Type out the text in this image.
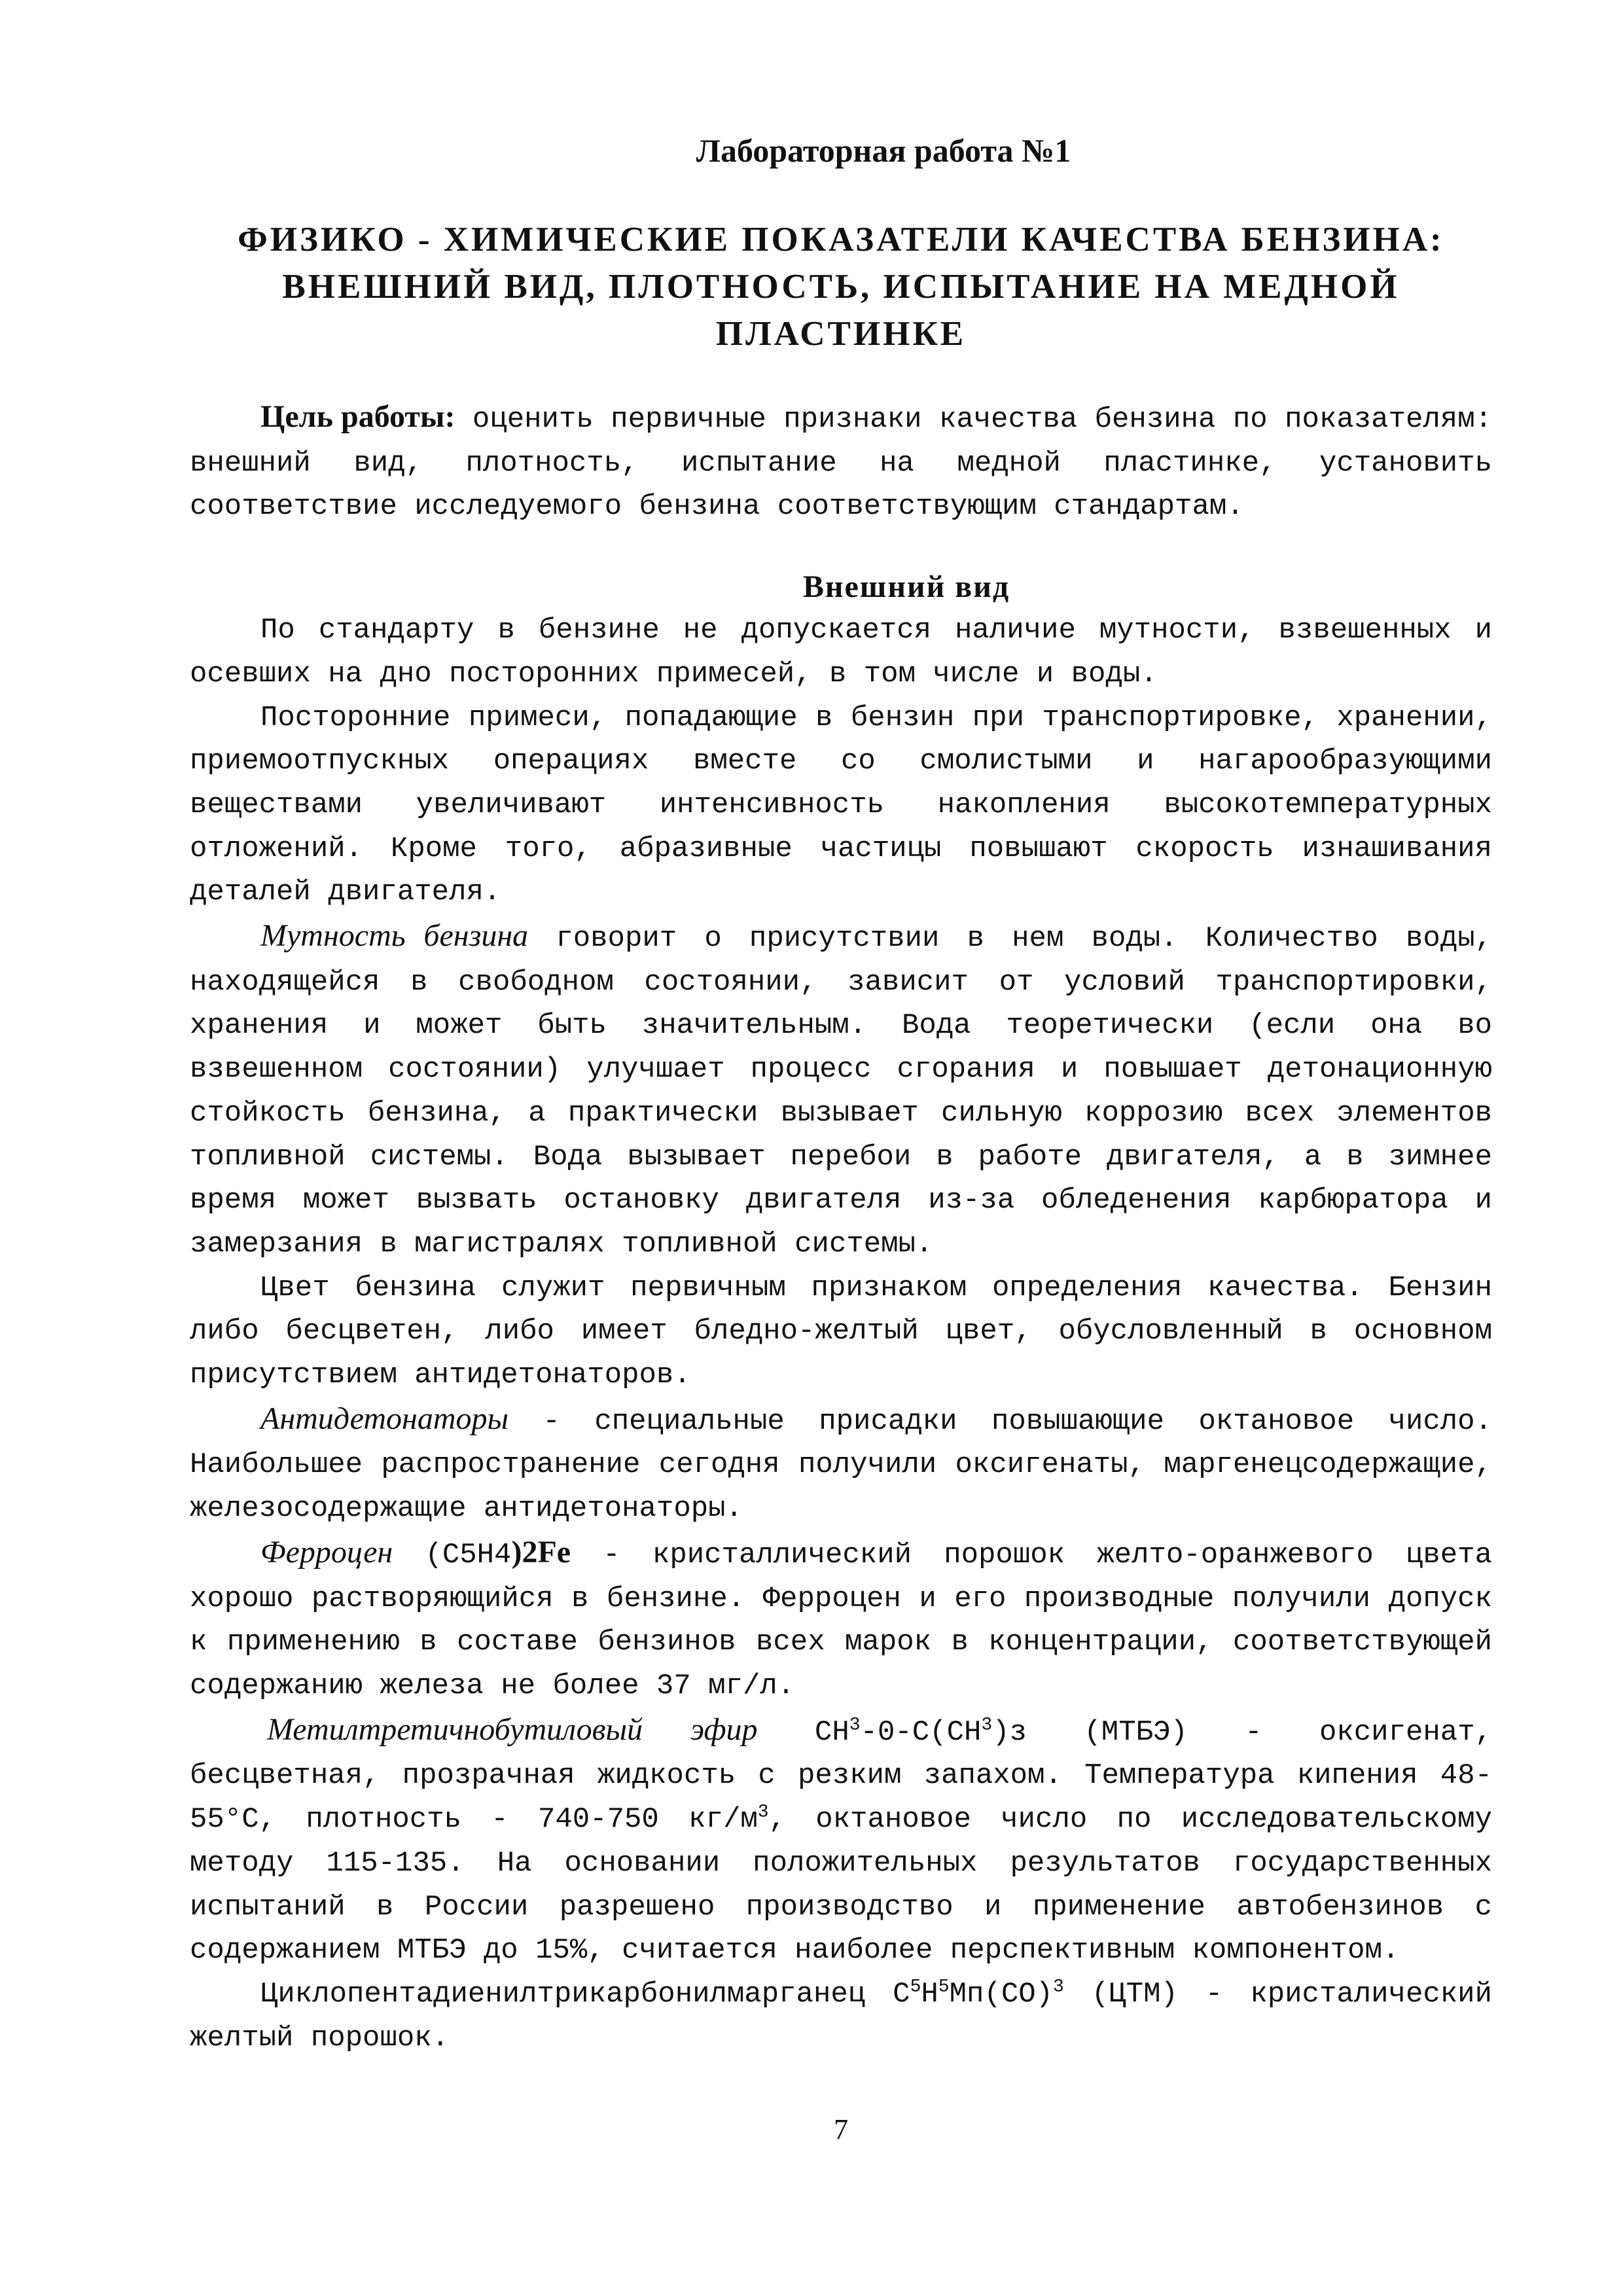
Лабораторная работа №1
ФИЗИКО - ХИМИЧЕСКИЕ ПОКАЗАТЕЛИ КАЧЕСТВА БЕНЗИНА:
ВНЕШНИЙ ВИД, ПЛОТНОСТЬ, ИСПЫТАНИЕ НА МЕДНОЙ
ПЛАСТИНКЕ

Цель работы: оценить первичные признаки качества бензина по показателям: внешний вид, плотность, испытание на медной пластинке, установить соответствие исследуемого бензина соответствующим стандартам.

Внешний вид

По стандарту в бензине не допускается наличие мутности, взвешенных и осевших на дно посторонних примесей, в том числе и воды.

Посторонние примеси, попадающие в бензин при транспортировке, хранении, приемоотпускных операциях вместе со смолистыми и нагарообразующими веществами увеличивают интенсивность накопления высокотемпературных отложений. Кроме того, абразивные частицы повышают скорость изнашивания деталей двигателя.

Мутность бензина говорит о присутствии в нем воды. Количество воды, находящейся в свободном состоянии, зависит от условий транспортировки, хранения и может быть значительным. Вода теоретически (если она во взвешенном состоянии) улучшает процесс сгорания и повышает детонационную стойкость бензина, а практически вызывает сильную коррозию всех элементов топливной системы. Вода вызывает перебои в работе двигателя, а в зимнее время может вызвать остановку двигателя из-за обледенения карбюратора и замерзания в магистралях топливной системы.

Цвет бензина служит первичным признаком определения качества. Бензин либо бесцветен, либо имеет бледно-желтый цвет, обусловленный в основном присутствием антидетонаторов.

Антидетонаторы - специальные присадки повышающие октановое число. Наибольшее распространение сегодня получили оксигенаты, маргенецсодержащие, железосодержащие антидетонаторы.

Ферроцен (С5Н4)2Fe - кристаллический порошок желто-оранжевого цвета хорошо растворяющийся в бензине. Ферроцен и его производные получили допуск к применению в составе бензинов всех марок в концентрации, соответствующей содержанию железа не более 37 мг/л.

Метилтретичнобутиловый эфир $СН^3-0-С(СН^3)з$ (МТБЭ) - оксигенат, бесцветная, прозрачная жидкость с резким запахом. Температура кипения 48-55°С, плотность - 740-750 $кг/м^3$, октановое число по исследовательскому методу 115-135. На основании положительных результатов государственных испытаний в России разрешено производство и применение автобензинов с содержанием МТБЭ до 15%, считается наиболее перспективным компонентом.

Циклопентадиенилтрикарбонилмарганец $С^5Н^5Мп(СО)^3$ (ЦТМ) - кристалический желтый порошок.

7
